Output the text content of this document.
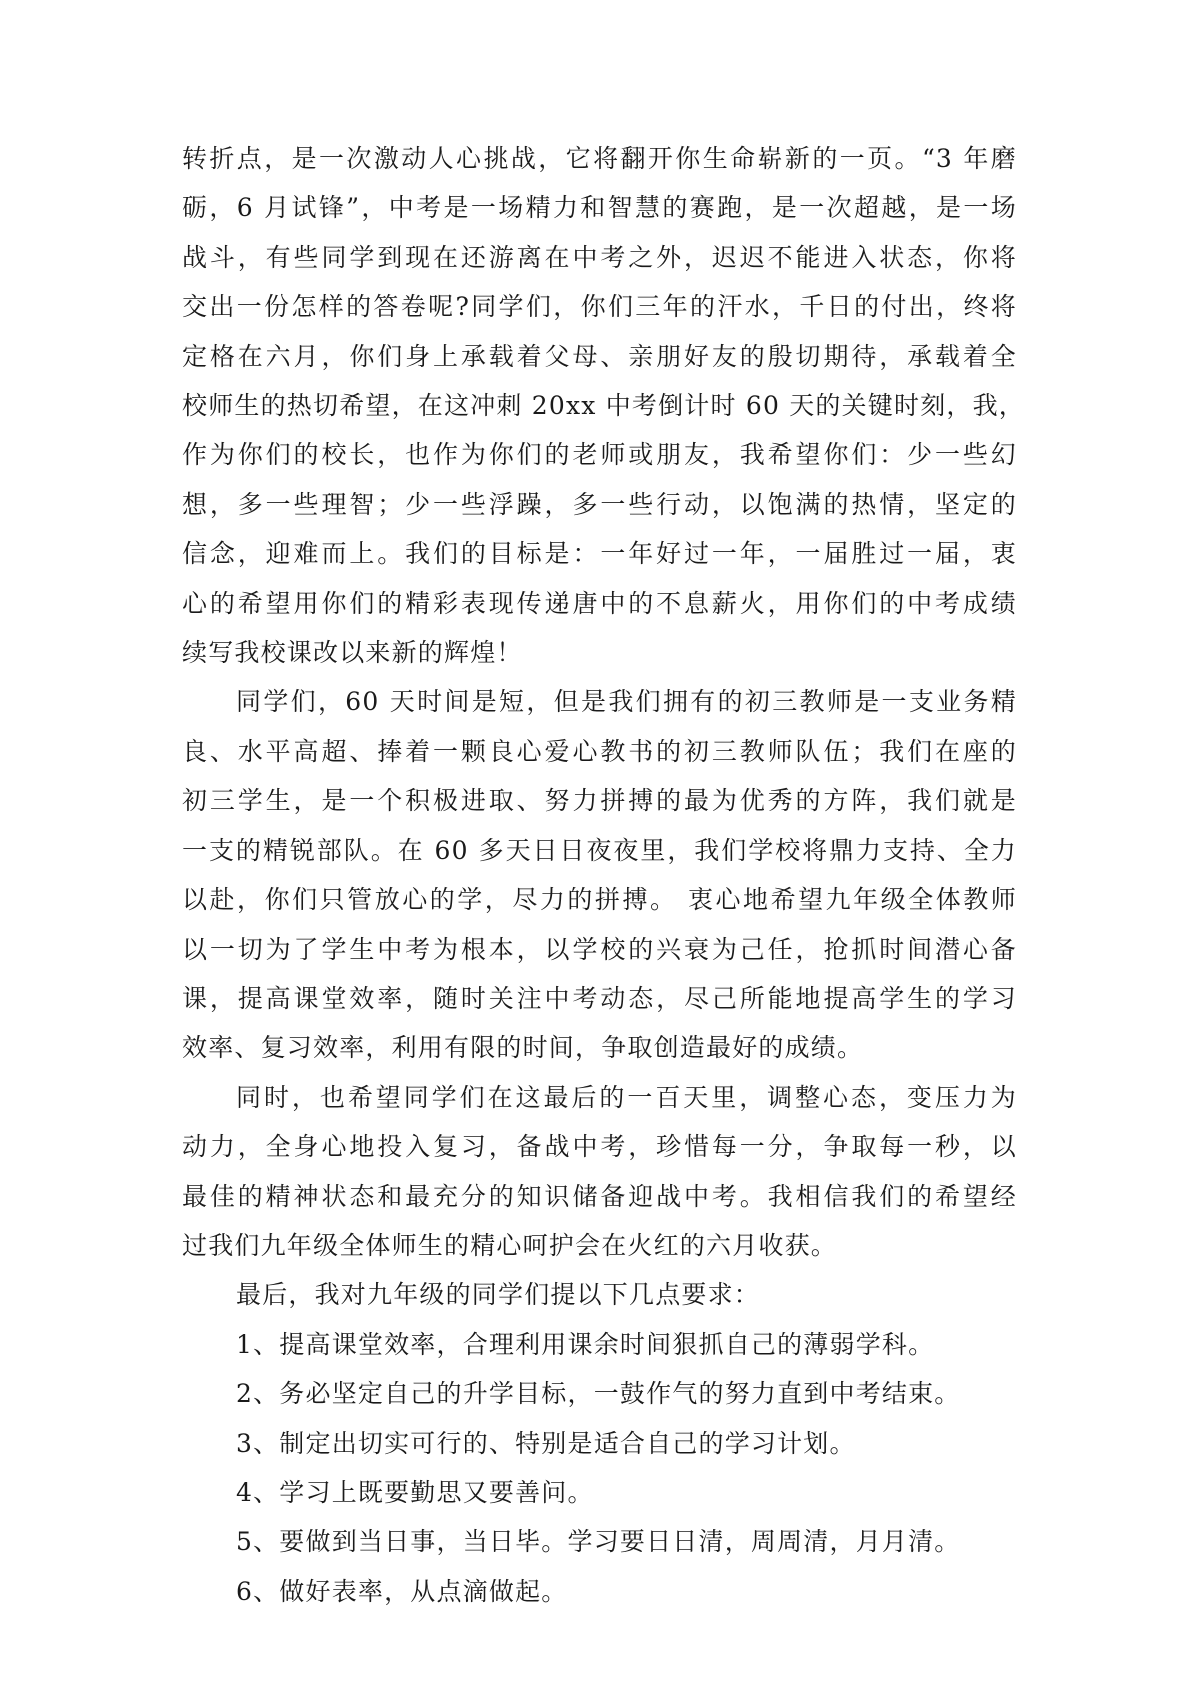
转折点，是一次激动人心挑战，它将翻开你生命崭新的一页。“3 年磨
砺，6 月试锋”，中考是一场精力和智慧的赛跑，是一次超越，是一场
战斗，有些同学到现在还游离在中考之外，迟迟不能进入状态，你将
交出一份怎样的答卷呢?同学们，你们三年的汗水，千日的付出，终将
定格在六月，你们身上承载着父母、亲朋好友的殷切期待，承载着全
校师生的热切希望，在这冲刺 20xx 中考倒计时 60 天的关键时刻，我，
作为你们的校长，也作为你们的老师或朋友，我希望你们：少一些幻
想，多一些理智；少一些浮躁，多一些行动，以饱满的热情，坚定的
信念，迎难而上。我们的目标是：一年好过一年，一届胜过一届，衷
心的希望用你们的精彩表现传递唐中的不息薪火，用你们的中考成绩
续写我校课改以来新的辉煌！
同学们，60 天时间是短，但是我们拥有的初三教师是一支业务精
良、水平高超、捧着一颗良心爱心教书的初三教师队伍；我们在座的
初三学生，是一个积极进取、努力拼搏的最为优秀的方阵，我们就是
一支的精锐部队。在 60 多天日日夜夜里，我们学校将鼎力支持、全力
以赴，你们只管放心的学，尽力的拼搏。 衷心地希望九年级全体教师
以一切为了学生中考为根本，以学校的兴衰为己任，抢抓时间潜心备
课，提高课堂效率，随时关注中考动态，尽己所能地提高学生的学习
效率、复习效率，利用有限的时间，争取创造最好的成绩。
同时，也希望同学们在这最后的一百天里，调整心态，变压力为
动力，全身心地投入复习，备战中考，珍惜每一分，争取每一秒，以
最佳的精神状态和最充分的知识储备迎战中考。我相信我们的希望经
过我们九年级全体师生的精心呵护会在火红的六月收获。
最后，我对九年级的同学们提以下几点要求：
1、提高课堂效率，合理利用课余时间狠抓自己的薄弱学科。
2、务必坚定自己的升学目标，一鼓作气的努力直到中考结束。
3、制定出切实可行的、特别是适合自己的学习计划。
4、学习上既要勤思又要善问。
5、要做到当日事，当日毕。学习要日日清，周周清，月月清。
6、做好表率，从点滴做起。
